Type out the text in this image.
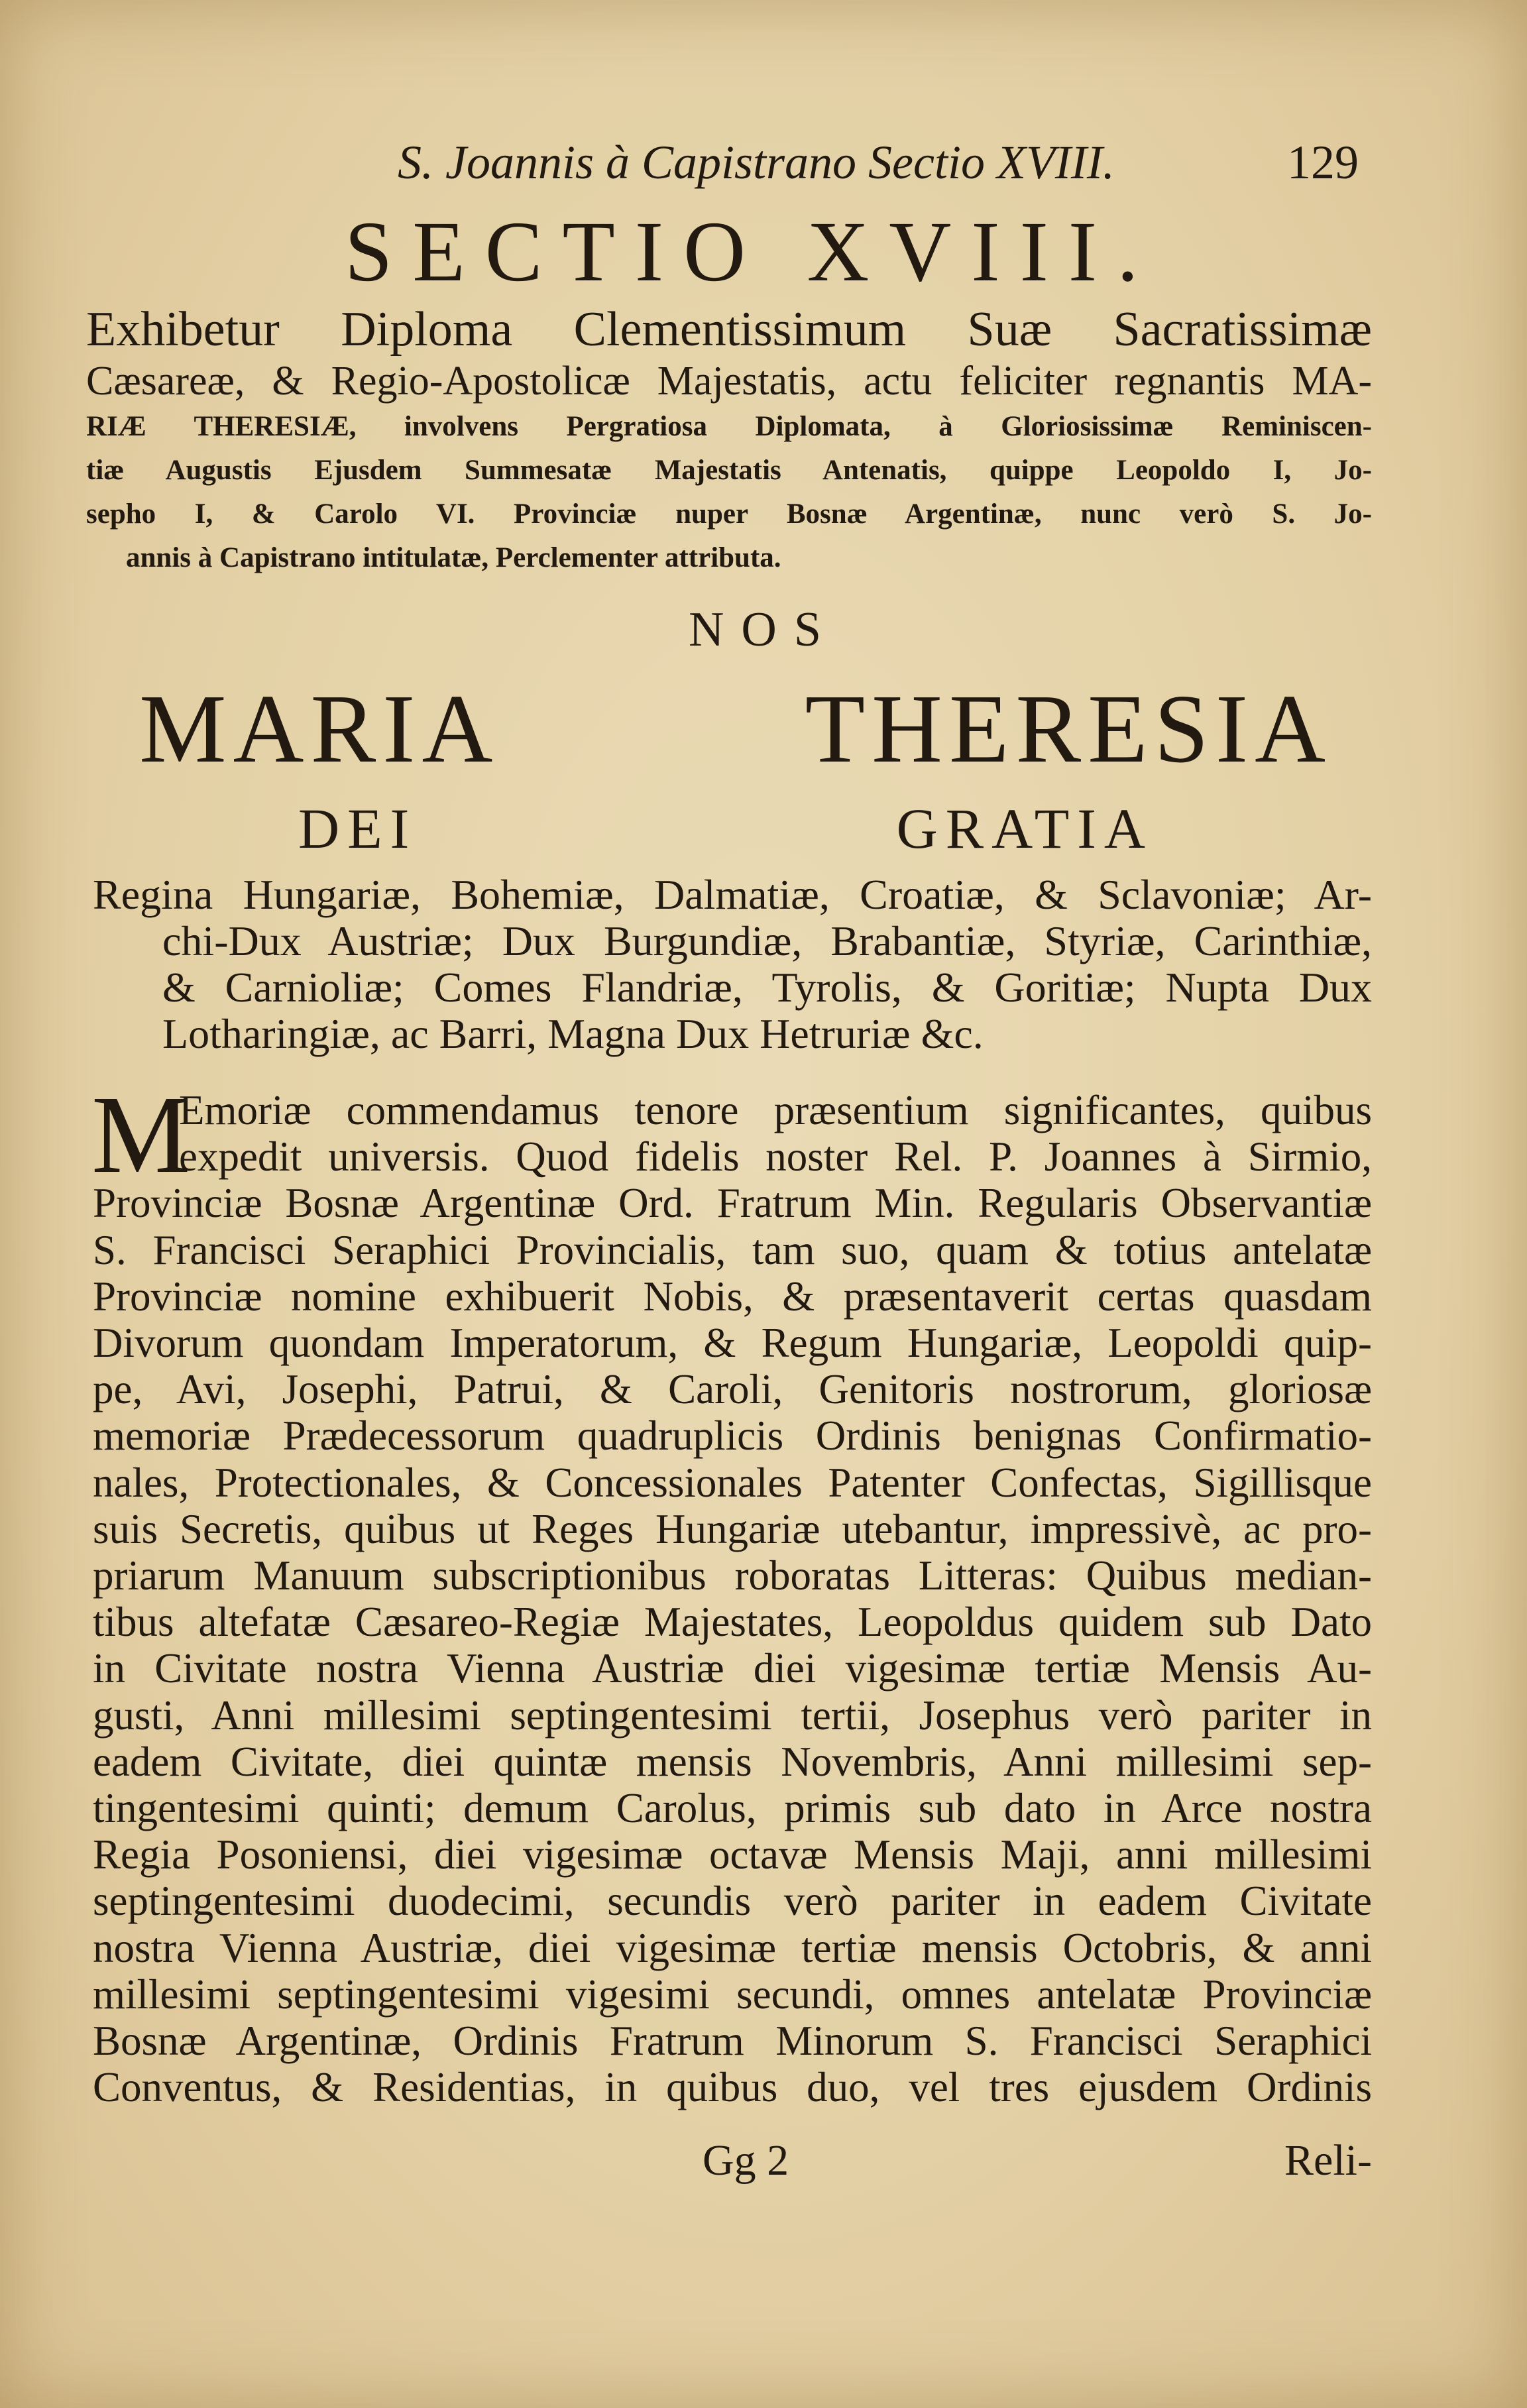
S. Joannis à Capistrano Sectio XVIII.	129
SECTIO XVIII.
Exhibetur Diploma Clementissimum Suæ Sacratissimæ
Cæsareæ, & Regio-Apostolicæ Majestatis, actu feliciter regnantis MA-
RIÆ THERESIÆ, involvens Pergratiosa Diplomata, à Gloriosissimæ Reminiscen-
tiæ Augustis Ejusdem Summesatæ Majestatis Antenatis, quippe Leopoldo I, Jo-
sepho I, & Carolo VI. Provinciæ nuper Bosnæ Argentinæ, nunc verò S. Jo-
annis à Capistrano intitulatæ, Perclementer attributa.
NOS
MARIA THERESIA
DEI GRATIA
Regina Hungariæ, Bohemiæ, Dalmatiæ, Croatiæ, & Sclavoniæ; Ar-
chi-Dux Austriæ; Dux Burgundiæ, Brabantiæ, Styriæ, Carinthiæ,
& Carnioliæ; Comes Flandriæ, Tyrolis, & Goritiæ; Nupta Dux
Lotharingiæ, ac Barri, Magna Dux Hetruriæ &c.
M
Emoriæ commendamus tenore præsentium significantes, quibus
expedit universis. Quod fidelis noster Rel. P. Joannes à Sirmio,
Provinciæ Bosnæ Argentinæ Ord. Fratrum Min. Regularis Observantiæ
S. Francisci Seraphici Provincialis, tam suo, quam & totius antelatæ
Provinciæ nomine exhibuerit Nobis, & præsentaverit certas quasdam
Divorum quondam Imperatorum, & Regum Hungariæ, Leopoldi quip-
pe, Avi, Josephi, Patrui, & Caroli, Genitoris nostrorum, gloriosæ
memoriæ Prædecessorum quadruplicis Ordinis benignas Confirmatio-
nales, Protectionales, & Concessionales Patenter Confectas, Sigillisque
suis Secretis, quibus ut Reges Hungariæ utebantur, impressivè, ac pro-
priarum Manuum subscriptionibus roboratas Litteras: Quibus median-
tibus altefatæ Cæsareo-Regiæ Majestates, Leopoldus quidem sub Dato
in Civitate nostra Vienna Austriæ diei vigesimæ tertiæ Mensis Au-
gusti, Anni millesimi septingentesimi tertii, Josephus verò pariter in
eadem Civitate, diei quintæ mensis Novembris, Anni millesimi sep-
tingentesimi quinti; demum Carolus, primis sub dato in Arce nostra
Regia Posoniensi, diei vigesimæ octavæ Mensis Maji, anni millesimi
septingentesimi duodecimi, secundis verò pariter in eadem Civitate
nostra Vienna Austriæ, diei vigesimæ tertiæ mensis Octobris, & anni
millesimi septingentesimi vigesimi secundi, omnes antelatæ Provinciæ
Bosnæ Argentinæ, Ordinis Fratrum Minorum S. Francisci Seraphici
Conventus, & Residentias, in quibus duo, vel tres ejusdem Ordinis
Gg 2	Reli-
